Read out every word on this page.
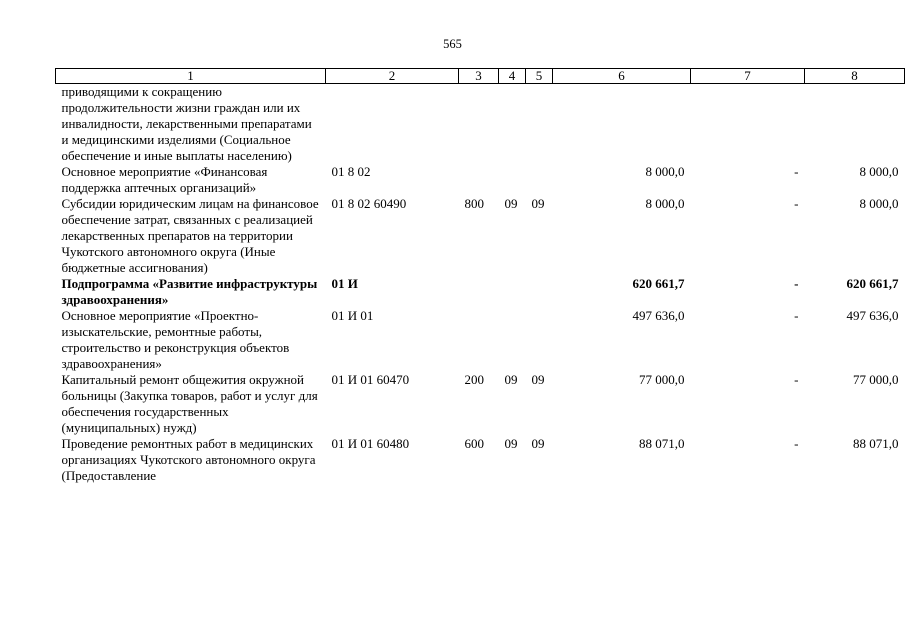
565
1	2	3	4	5	6	7	8
приводящими к сокращению продолжительности жизни граждан или их инвалидности, лекарственными препаратами и медицинскими изделиями (Социальное обеспечение и иные выплаты населению)							
Основное мероприятие «Финансовая поддержка аптечных организаций»	01 8 02				8 000,0	-	8 000,0
Субсидии юридическим лицам на финансовое обеспечение затрат, связанных с реализацией лекарственных препаратов на территории Чукотского автономного округа (Иные бюджетные ассигнования)	01 8 02 60490	800	09	09	8 000,0	-	8 000,0
Подпрограмма «Развитие инфраструктуры здравоохранения»	01 И				620 661,7	-	620 661,7
Основное мероприятие «Проектно-изыскательские, ремонтные работы, строительство и реконструкция объектов здравоохранения»	01 И 01				497 636,0	-	497 636,0
Капитальный ремонт общежития окружной больницы (Закупка товаров, работ и услуг для обеспечения государственных (муниципальных) нужд)	01 И 01 60470	200	09	09	77 000,0	-	77 000,0
Проведение ремонтных работ в медицинских организациях Чукотского автономного округа (Предоставление	01 И 01 60480	600	09	09	88 071,0	-	88 071,0
